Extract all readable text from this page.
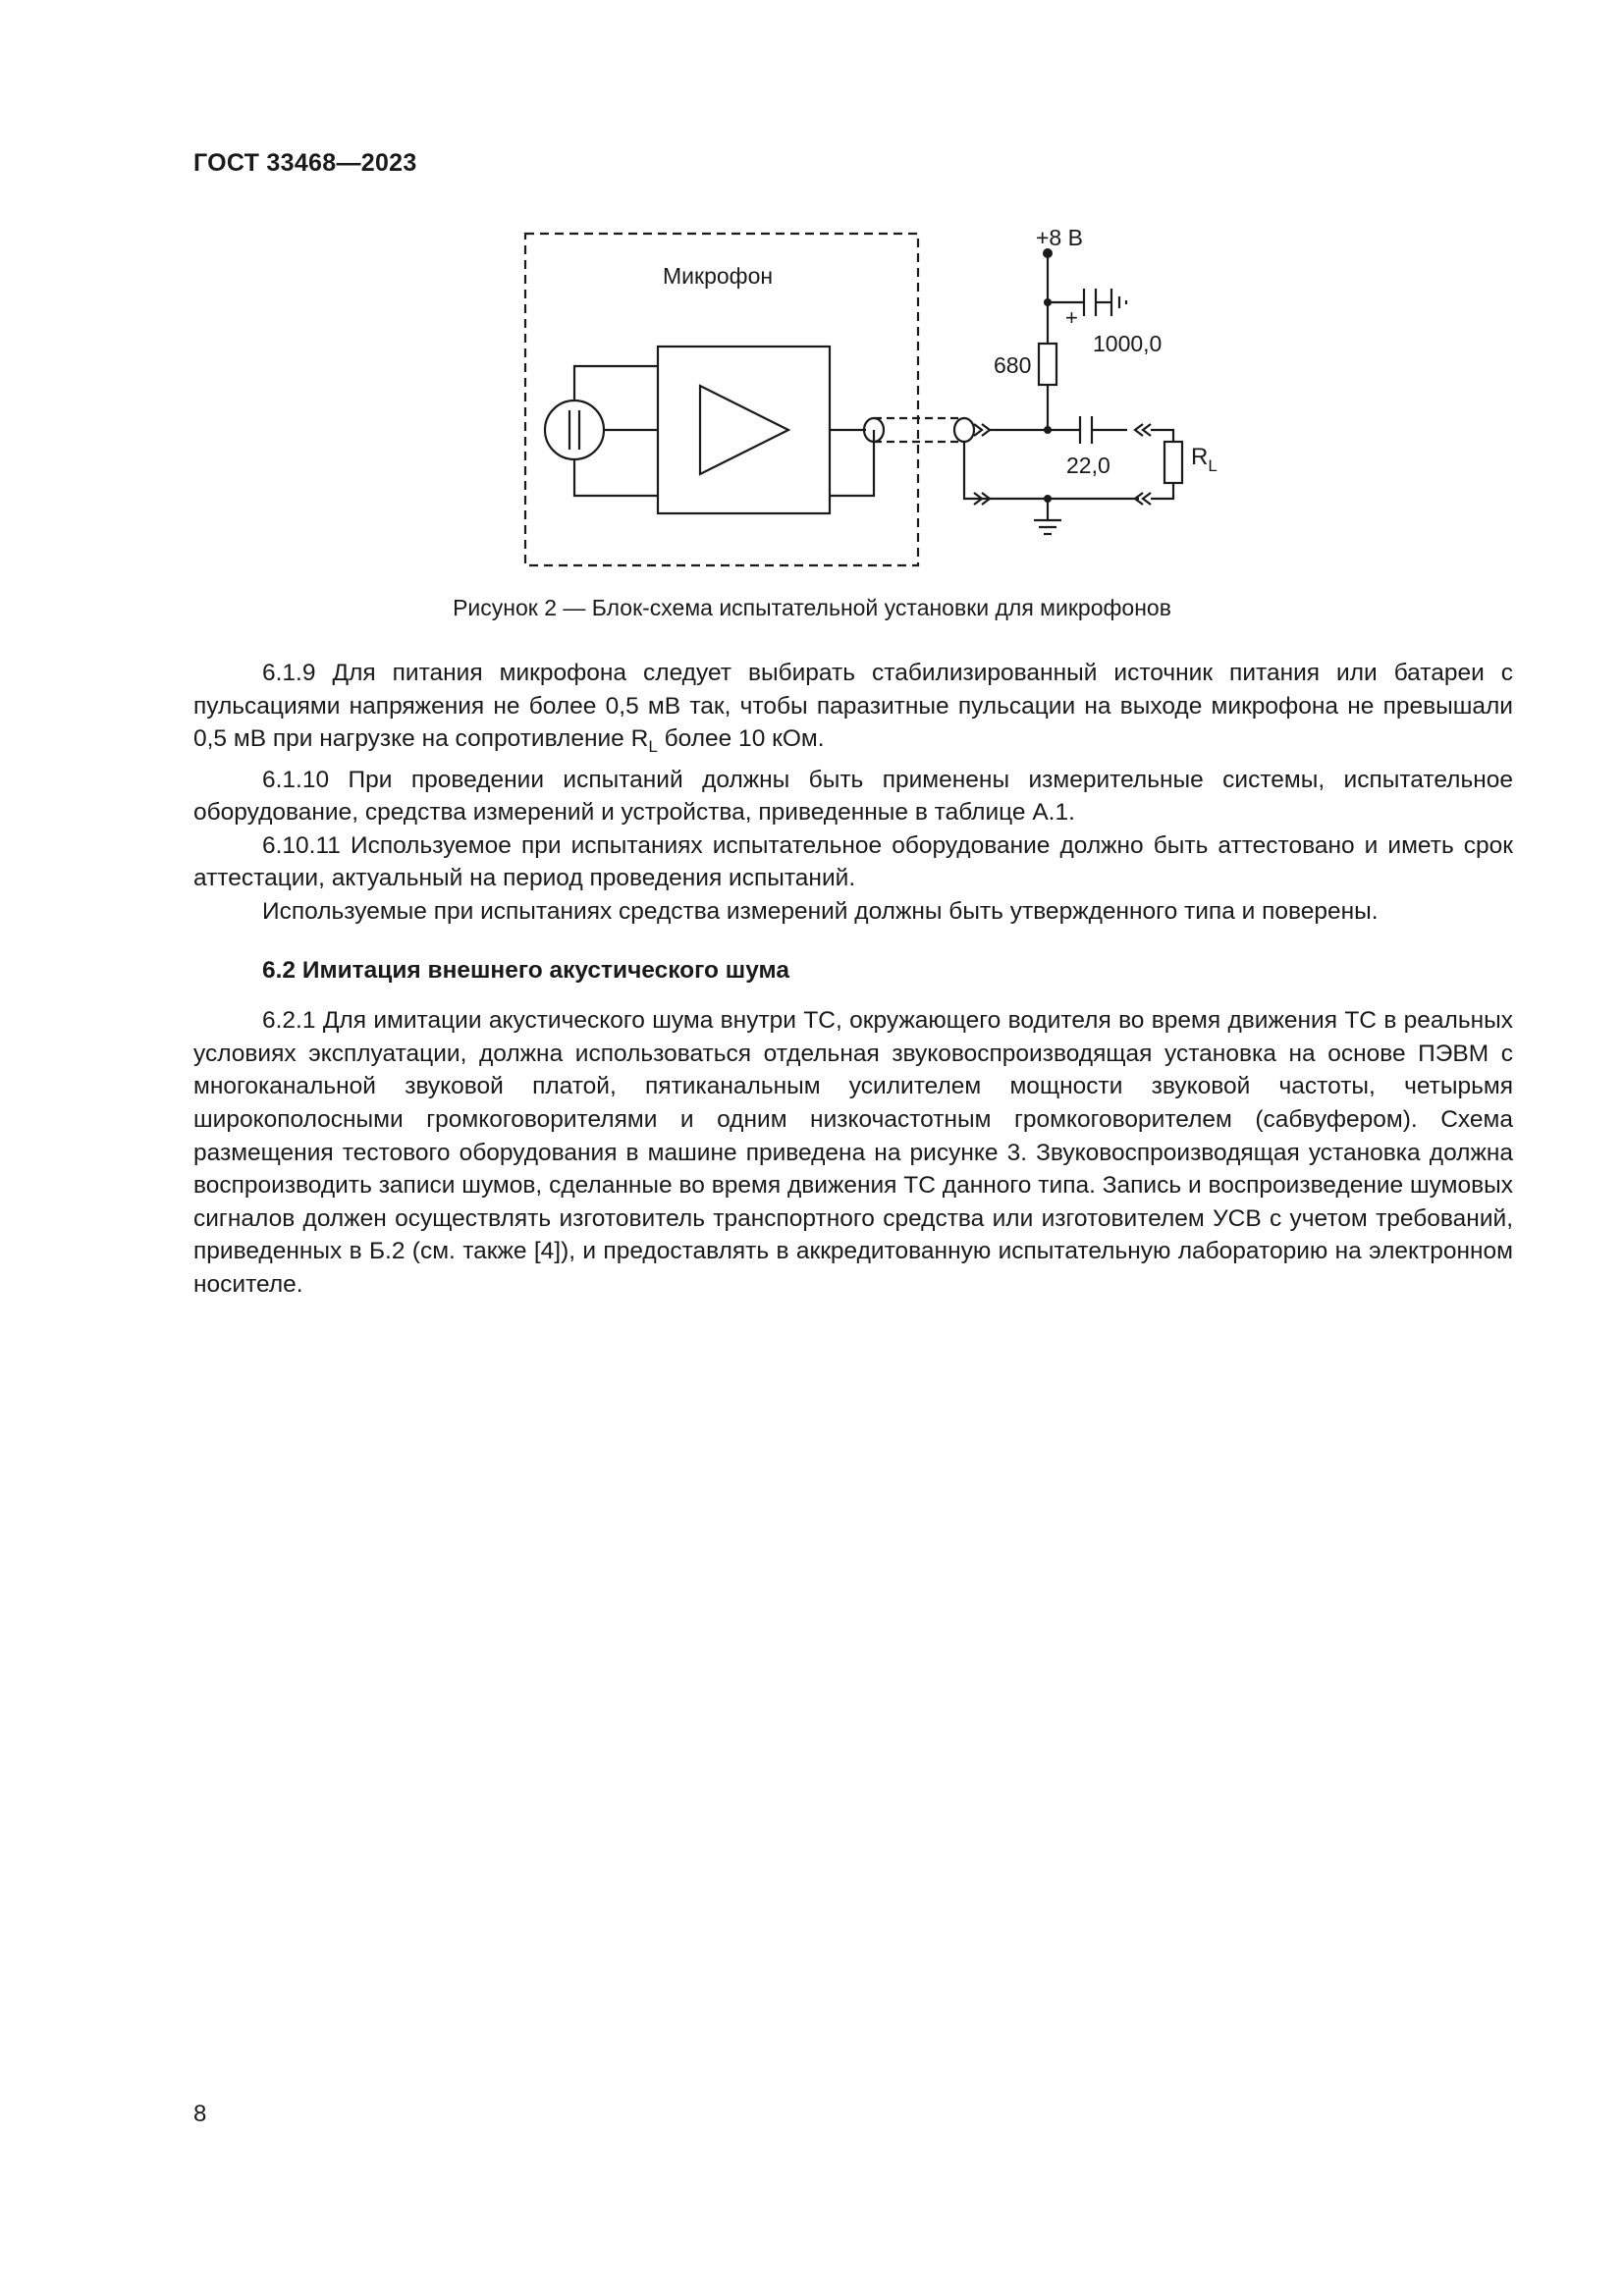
ГОСТ 33468—2023
Микрофон
+8 В
+
1000,0
680
22,0	$R_L$
Рисунок 2 — Блок-схема испытательной установки для микрофонов

6.1.9 Для питания микрофона следует выбирать стабилизированный источник питания или батареи с пульсациями напряжения не более 0,5 мВ так, чтобы паразитные пульсации на выходе микрофона не превышали 0,5 мВ при нагрузке на сопротивление $R_L$ более 10 кОм.

6.1.10 При проведении испытаний должны быть применены измерительные системы, испытательное оборудование, средства измерений и устройства, приведенные в таблице А.1.

6.10.11 Используемое при испытаниях испытательное оборудование должно быть аттестовано и иметь срок аттестации, актуальный на период проведения испытаний.

Используемые при испытаниях средства измерений должны быть утвержденного типа и поверены.

6.2 Имитация внешнего акустического шума

6.2.1 Для имитации акустического шума внутри ТС, окружающего водителя во время движения ТС в реальных условиях эксплуатации, должна использоваться отдельная звуковоспроизводящая установка на основе ПЭВМ с многоканальной звуковой платой, пятиканальным усилителем мощности звуковой частоты, четырьмя широкополосными громкоговорителями и одним низкочастотным громкоговорителем (сабвуфером). Схема размещения тестового оборудования в машине приведена на рисунке 3. Звуковоспроизводящая установка должна воспроизводить записи шумов, сделанные во время движения ТС данного типа. Запись и воспроизведение шумовых сигналов должен осуществлять изготовитель транспортного средства или изготовителем УСВ с учетом требований, приведенных в Б.2 (см. также [4]), и предоставлять в аккредитованную испытательную лабораторию на электронном носителе.

8
